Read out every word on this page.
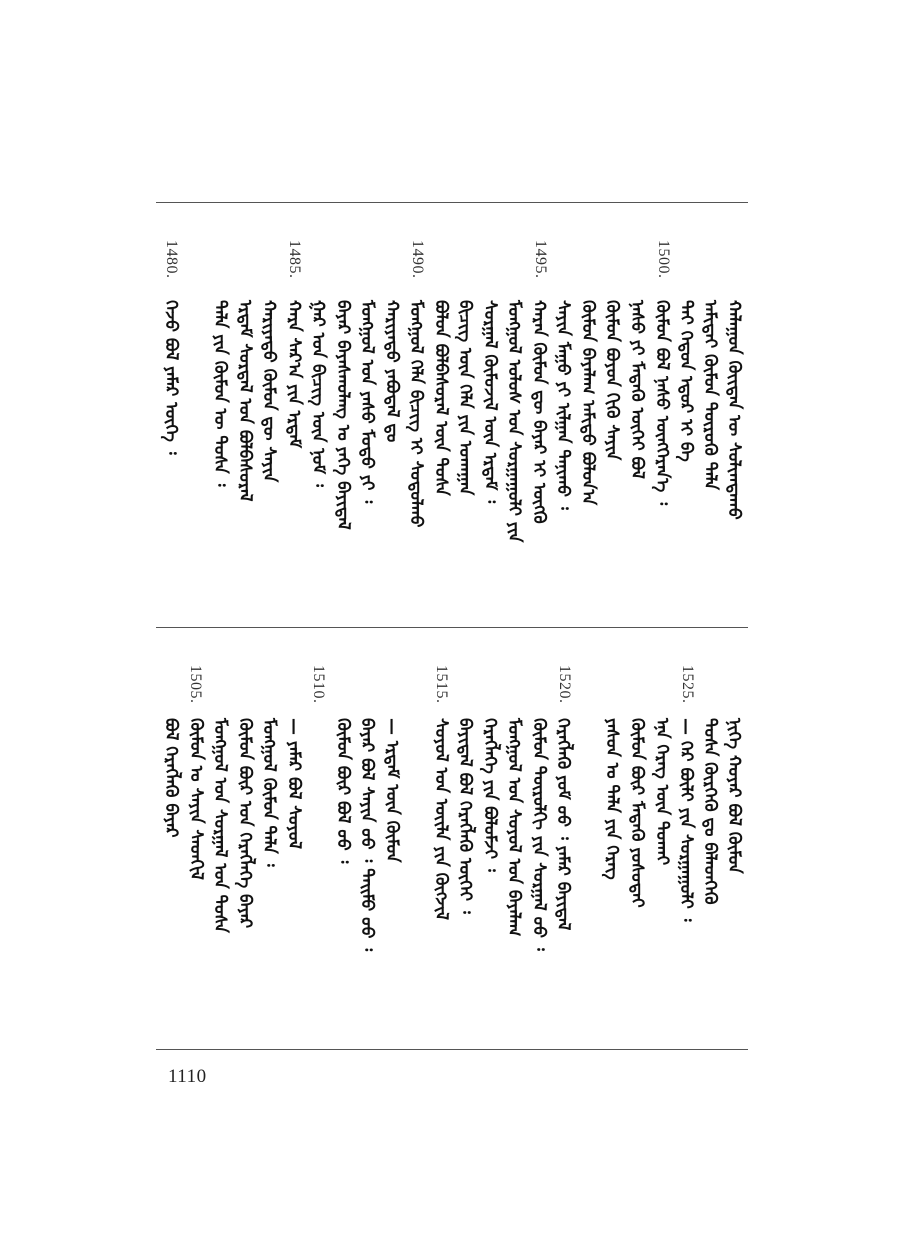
1500.
1495.
1490.
1485.
1480.
ᠬᠠᠯᠠᠭᠤᠨ ᠬᠦᠢᠲᠡᠨ ᠦ ᠰᠣᠯᠢᠭᠳᠠᠬᠤ
ᠠᠮᠢᠲᠠᠢ ᠬᠦᠮᠦᠨ ᠲᠥᠷᠥᠬᠦ ᠲᠠᠯᠠ
ᠲᠠᠢ ᠬᠡᠳᠦᠨ ᠡᠳᠦᠷ ᠢ ᠪᠠ
ᠬᠦᠮᠦᠨ ᠪᠣᠯ ᠨᠠᠰᠤ ᠥᠩᠭᠡᠷᠡᠨ᠎ᠡ ᠄
ᠨᠠᠰᠤ ᠶᠢ ᠮᠡᠳᠡᠬᠦ ᠦᠭᠡᠢ ᠪᠣᠯ
ᠬᠦᠮᠦᠨ ᠪᠤᠶᠤᠨ ᠬᠢᠬᠦ ᠰᠠᠶᠢᠨ
ᠬᠦᠮᠦᠨ ᠪᠠᠶᠠᠯᠠᠭ ᠠᠮᠢᠳᠤ ᠪᠣᠯᠤᠨ᠎ᠠ
ᠰᠠᠶᠢᠨ ᠮᠠᠭᠤ ᠶᠢ ᠢᠯᠭᠠᠨ ᠲᠠᠨᠢᠬᠤ ᠄
ᠬᠠᠷᠠᠨ ᠬᠦᠮᠦᠨ ᠳᠦ ᠪᠠᠶᠠᠷ ᠢ ᠦᠭᠬᠦ
ᠮᠣᠩᠭᠣᠯ ᠤᠯᠤᠰ ᠤᠨ ᠰᠤᠷᠭᠠᠭᠤᠯᠢ ᠶᠢᠨ
ᠰᠤᠷᠭᠠᠯ ᠬᠦᠮᠦᠵᠢᠯ ᠦᠨ ᠡᠷᠳᠡᠮ ᠄
ᠪᠢᠴᠢᠭ ᠦᠨ ᠬᠡᠯᠡ ᠶᠢᠨ ᠤᠬᠠᠭᠠᠨ
ᠪᠣᠯᠤᠨ ᠪᠣᠯᠪᠠᠰᠤᠷᠠᠯ ᠦᠨ ᠲᠤᠰᠠ
ᠮᠣᠩᠭᠣᠯ ᠬᠡᠯᠡ ᠪᠢᠴᠢᠭ ᠢ ᠰᠤᠳᠤᠯᠬᠤ
ᠬᠠᠷᠢᠶᠠᠲᠤ ᠶᠠᠪᠤᠳᠠᠯ ᠳᠤ
ᠮᠣᠩᠭᠣᠯ ᠤᠨ ᠶᠠᠰᠤ ᠮᠣᠳᠤ ᠶᠢ ᠄
ᠪᠠᠶᠠᠷ ᠪᠠᠶᠠᠰᠬᠤᠯᠠᠩ ᠤ ᠶᠡᠬᠡ ᠪᠠᠶᠢᠳᠠᠯ
ᠭᠠᠷ ᠤᠨ ᠪᠢᠴᠢᠭ ᠦᠨ ᠨᠣᠮ ᠄
ᠬᠠᠷᠠ ᠰᠠᠷ᠎ᠠ ᠶᠢᠨ ᠡᠷᠳᠡᠮ
ᠬᠠᠷᠢᠶᠠᠲᠤ ᠬᠦᠮᠦᠨ ᠳᠦ ᠰᠠᠶᠢᠨ
ᠡᠷᠳᠡᠮ ᠰᠤᠷᠲᠠᠯ ᠤᠨ ᠪᠣᠯᠪᠠᠰᠤᠷᠠᠯ
ᠲᠠᠯᠠ ᠶᠢᠨ ᠬᠦᠮᠦᠨ ᠦ ᠲᠤᠰᠠ ᠄
ᠭᠡᠵᠦ ᠪᠣᠯ ᠶᠠᠮᠠᠷ ᠦᠭᠡ ᠄
1525.
1520.
1515.
1510.
1505.
ᠨᠢᠭᠡ ᠬᠣᠶᠠᠷ ᠪᠣᠯ ᠬᠦᠮᠦᠨ
ᠲᠤᠰᠠ ᠬᠦᠷᠭᠡᠬᠦ ᠳᠤ ᠪᠡᠯᠡᠳᠬᠡᠬᠦ
— ᠭᠡᠷ ᠪᠦᠯᠢ ᠶᠢᠨ ᠰᠤᠷᠭᠠᠭᠤᠯᠢ ᠄
ᠡᠨᠡ ᠬᠡᠷᠡᠭ ᠦᠨ ᠲᠤᠬᠠᠢ
ᠬᠦᠮᠦᠨ ᠪᠦᠷ ᠮᠡᠳᠡᠬᠦ ᠶᠣᠰᠣᠲᠠᠢ
ᠶᠠᠰᠤᠨ ᠤ ᠲᠠᠯᠠ ᠶᠢᠨ ᠬᠡᠷᠡᠭ
ᠬᠡᠷᠡᠭᠯᠡᠬᠦ ᠶᠤᠮ ᠤᠤ ᠄ ᠶᠠᠮᠠᠷ ᠪᠠᠶᠢᠳᠠᠯ
ᠬᠦᠮᠦᠨ ᠲᠥᠷᠥᠯᠬᠢ ᠶᠢᠨ ᠰᠤᠷᠭᠠᠯ ᠤᠤ ᠄
ᠮᠣᠩᠭᠣᠯ ᠤᠨ ᠰᠣᠶᠣᠯ ᠤᠨ ᠪᠠᠶᠠᠯᠠᠭ
ᠬᠡᠷᠡᠭᠯᠡᠭᠡ ᠶᠢᠨ ᠪᠣᠯᠤᠮᠵᠢ ᠄
ᠪᠠᠶᠢᠳᠠᠯ ᠪᠣᠯ ᠬᠡᠷᠡᠭᠯᠡᠬᠦ ᠦᠭᠡᠢ ᠄
ᠰᠣᠶᠣᠯ ᠤᠨ ᠦᠢᠯᠡ ᠶᠢᠨ ᠬᠥᠭᠵᠢᠯ
— ᠡᠷᠳᠡᠮ ᠦᠨ ᠬᠦᠮᠦᠨ
ᠪᠠᠶᠠᠷ ᠪᠣᠯ ᠰᠠᠶᠢᠨ ᠤᠤ ᠄ ᠲᠡᠢᠮᠦ ᠤᠤ ᠄
ᠬᠦᠮᠦᠨ ᠪᠦᠷ ᠪᠣᠯ ᠤᠤ ᠄
— ᠶᠠᠮᠠᠷ ᠪᠣᠯ ᠰᠣᠶᠣᠯ
ᠮᠣᠩᠭᠣᠯ ᠬᠦᠮᠦᠨ ᠲᠠᠯᠠ ᠄
ᠬᠦᠮᠦᠨ ᠪᠦᠷ ᠤᠨ ᠬᠡᠷᠡᠭᠯᠡᠭᠡ ᠪᠠᠶᠠᠷ
ᠮᠣᠩᠭᠣᠯ ᠤᠨ ᠰᠤᠷᠭᠠᠯ ᠤᠨ ᠲᠤᠰᠠ
ᠬᠦᠮᠦᠨ ᠤ ᠰᠠᠶᠢᠨ ᠰᠡᠳᠬᠢᠯ
ᠪᠣᠯ ᠬᠡᠷᠡᠭᠯᠡᠬᠦ ᠪᠠᠶᠠᠷ
1110
